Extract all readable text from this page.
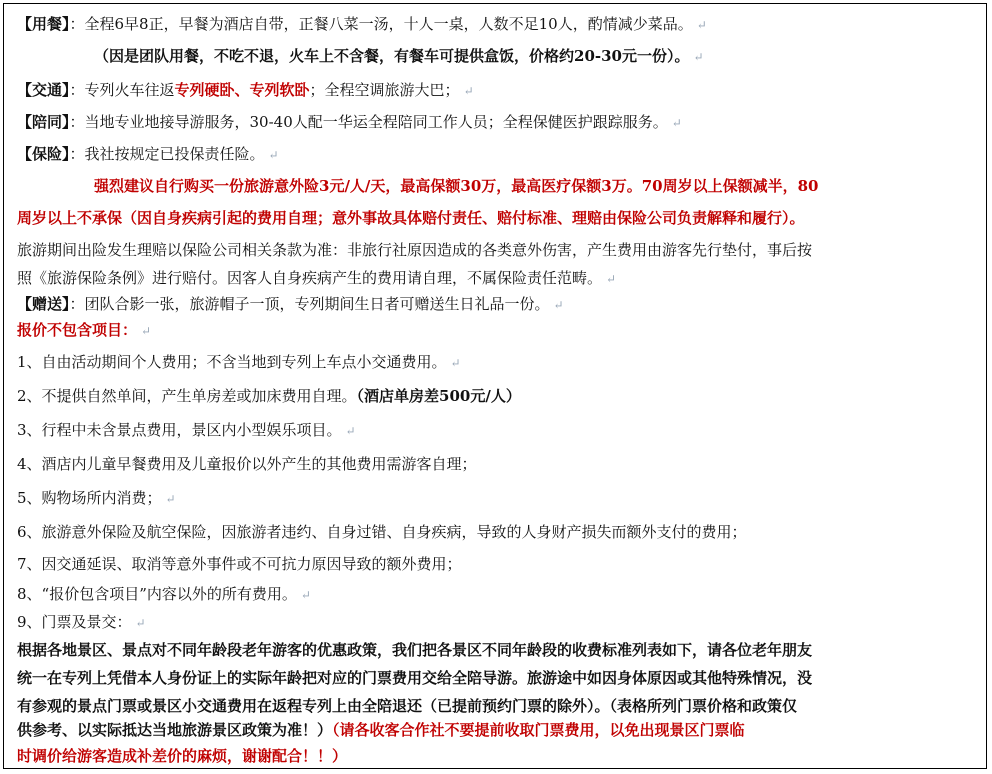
【用餐】：全程6早8正，早餐为酒店自带，正餐八菜一汤，十人一桌，人数不足10人，酌情减少菜品。 ↵
（因是团队用餐，不吃不退，火车上不含餐，有餐车可提供盒饭，价格约20-30元一份）。 ↵
【交通】：专列火车往返专列硬卧、专列软卧；全程空调旅游大巴； ↵
【陪同】：当地专业地接导游服务，30-40人配一华运全程陪同工作人员；全程保健医护跟踪服务。 ↵
【保险】：我社按规定已投保责任险。 ↵
强烈建议自行购买一份旅游意外险3元/人/天，最高保额30万，最高医疗保额3万。70周岁以上保额减半，80
周岁以上不承保（因自身疾病引起的费用自理；意外事故具体赔付责任、赔付标准、理赔由保险公司负责解释和履行）。
旅游期间出险发生理赔以保险公司相关条款为准：非旅行社原因造成的各类意外伤害，产生费用由游客先行垫付，事后按
照《旅游保险条例》进行赔付。因客人自身疾病产生的费用请自理，不属保险责任范畴。 ↵
【赠送】：团队合影一张，旅游帽子一顶，专列期间生日者可赠送生日礼品一份。 ↵
报价不包含项目： ↵
1、自由活动期间个人费用；不含当地到专列上车点小交通费用。 ↵
2、不提供自然单间，产生单房差或加床费用自理。（酒店单房差500元/人）
3、行程中未含景点费用，景区内小型娱乐项目。 ↵
4、酒店内儿童早餐费用及儿童报价以外产生的其他费用需游客自理；
5、购物场所内消费； ↵
6、旅游意外保险及航空保险，因旅游者违约、自身过错、自身疾病，导致的人身财产损失而额外支付的费用；
7、因交通延误、取消等意外事件或不可抗力原因导致的额外费用；
8、“报价包含项目”内容以外的所有费用。 ↵
9、门票及景交： ↵
根据各地景区、景点对不同年龄段老年游客的优惠政策，我们把各景区不同年龄段的收费标准列表如下，请各位老年朋友
统一在专列上凭借本人身份证上的实际年龄把对应的门票费用交给全陪导游。旅游途中如因身体原因或其他特殊情况，没
有参观的景点门票或景区小交通费用在返程专列上由全陪退还（已提前预约门票的除外）。（表格所列门票价格和政策仅
供参考、以实际抵达当地旅游景区政策为准！）（请各收客合作社不要提前收取门票费用，以免出现景区门票临
时调价给游客造成补差价的麻烦，谢谢配合！！）
